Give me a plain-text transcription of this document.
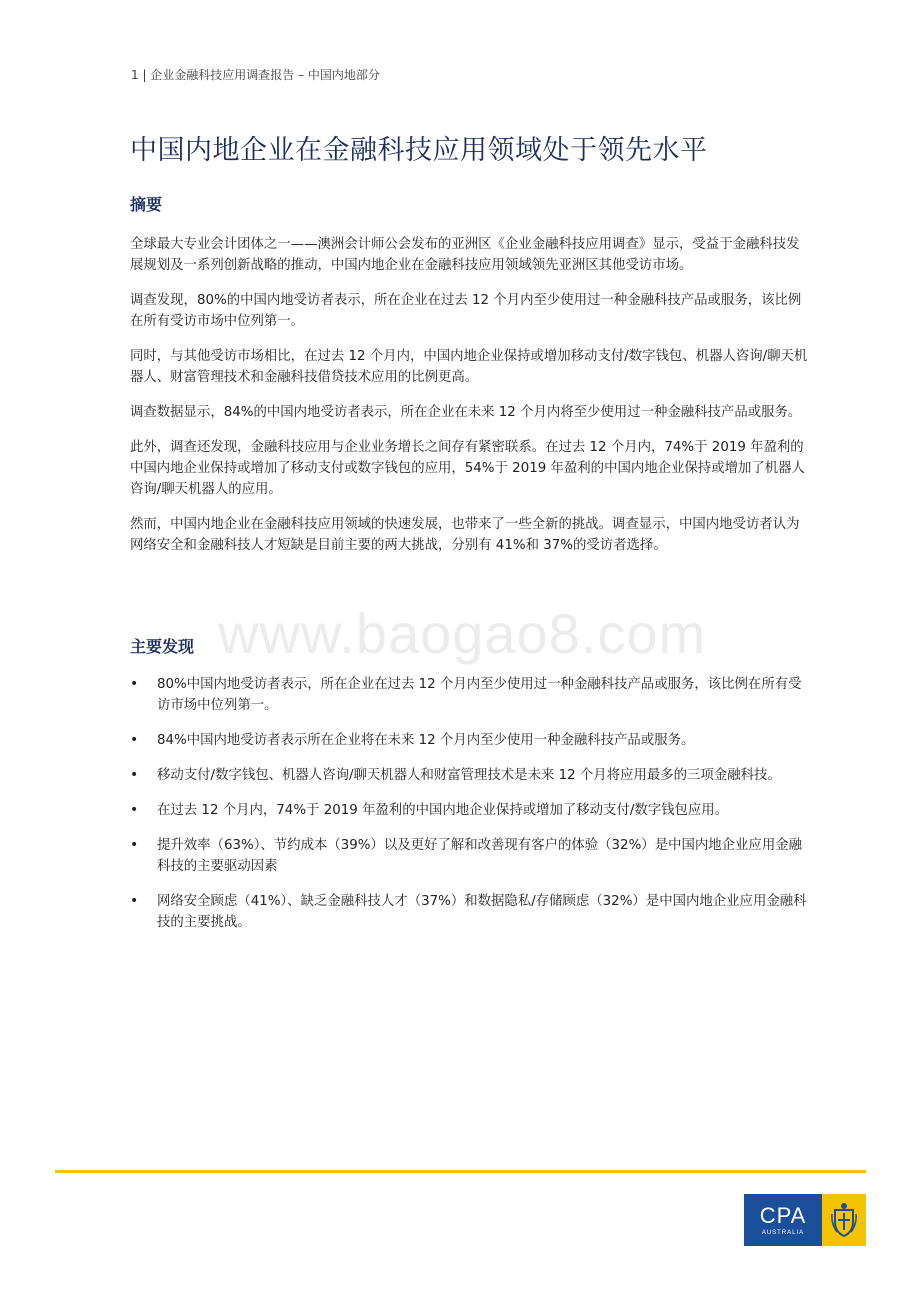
1 | 企业金融科技应用调查报告 – 中国内地部分
中国内地企业在金融科技应用领域处于领先水平
摘要

全球最大专业会计团体之一——澳洲会计师公会发布的亚洲区《企业金融科技应用调查》显示，受益于金融科技发展规划及一系列创新战略的推动，中国内地企业在金融科技应用领域领先亚洲区其他受访市场。

调查发现，80%的中国内地受访者表示，所在企业在过去 12 个月内至少使用过一种金融科技产品或服务，该比例在所有受访市场中位列第一。

同时，与其他受访市场相比，在过去 12 个月内，中国内地企业保持或增加移动支付/数字钱包、机器人咨询/聊天机器人、财富管理技术和金融科技借贷技术应用的比例更高。

调查数据显示，84%的中国内地受访者表示，所在企业在未来 12 个月内将至少使用过一种金融科技产品或服务。

此外，调查还发现，金融科技应用与企业业务增长之间存有紧密联系。在过去 12 个月内，74%于 2019 年盈利的中国内地企业保持或增加了移动支付或数字钱包的应用，54%于 2019 年盈利的中国内地企业保持或增加了机器人咨询/聊天机器人的应用。

然而，中国内地企业在金融科技应用领域的快速发展，也带来了一些全新的挑战。调查显示，中国内地受访者认为网络安全和金融科技人才短缺是目前主要的两大挑战，分别有 41%和 37%的受访者选择。

主要发现 www.baogao8.com
• 80%中国内地受访者表示，所在企业在过去 12 个月内至少使用过一种金融科技产品或服务，该比例在所有受访市场中位列第一。
• 84%中国内地受访者表示所在企业将在未来 12 个月内至少使用一种金融科技产品或服务。
• 移动支付/数字钱包、机器人咨询/聊天机器人和财富管理技术是未来 12 个月将应用最多的三项金融科技。
• 在过去 12 个月内，74%于 2019 年盈利的中国内地企业保持或增加了移动支付/数字钱包应用。
• 提升效率（63%）、节约成本（39%）以及更好了解和改善现有客户的体验（32%）是中国内地企业应用金融科技的主要驱动因素
• 网络安全顾虑（41%）、缺乏金融科技人才（37%）和数据隐私/存储顾虑（32%）是中国内地企业应用金融科技的主要挑战。
CPA
AUSTRALIA
